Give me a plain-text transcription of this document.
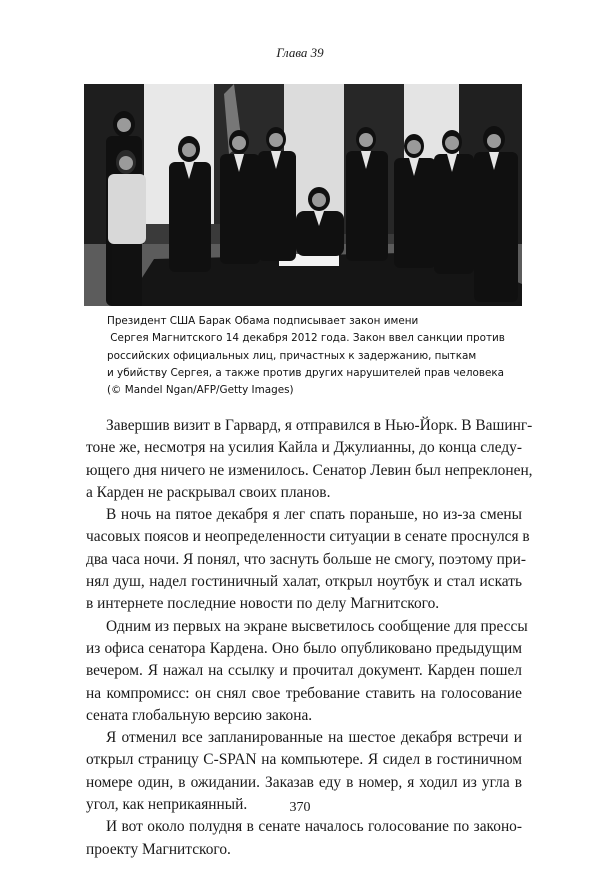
Глава 39
Президент США Барак Обама подписывает закон имени
Сергея Магнитского 14 декабря 2012 года. Закон ввел санкции против
российских официальных лиц, причастных к задержанию, пыткам
и убийству Сергея, а также против других нарушителей прав человека
(© Mandel Ngan/AFP/Getty Images)
Завершив визит в Гарвард, я отправился в Нью-Йорк. В Вашинг-
тоне же, несмотря на усилия Кайла и Джулианны, до конца следу-
ющего дня ничего не изменилось. Сенатор Левин был непреклонен,
а Карден не раскрывал своих планов.
В ночь на пятое декабря я лег спать пораньше, но из-за смены
часовых поясов и неопределенности ситуации в сенате проснулся в
два часа ночи. Я понял, что заснуть больше не смогу, поэтому при-
нял душ, надел гостиничный халат, открыл ноутбук и стал искать
в интернете последние новости по делу Магнитского.
Одним из первых на экране высветилось сообщение для прессы
из офиса сенатора Кардена. Оно было опубликовано предыдущим
вечером. Я нажал на ссылку и прочитал документ. Карден пошел
на компромисс: он снял свое требование ставить на голосование
сената глобальную версию закона.
Я отменил все запланированные на шестое декабря встречи и
открыл страницу C-SPAN на компьютере. Я сидел в гостиничном
номере один, в ожидании. Заказав еду в номер, я ходил из угла в
угол, как неприкаянный.
И вот около полудня в сенате началось голосование по законо-
проекту Магнитского.
370
